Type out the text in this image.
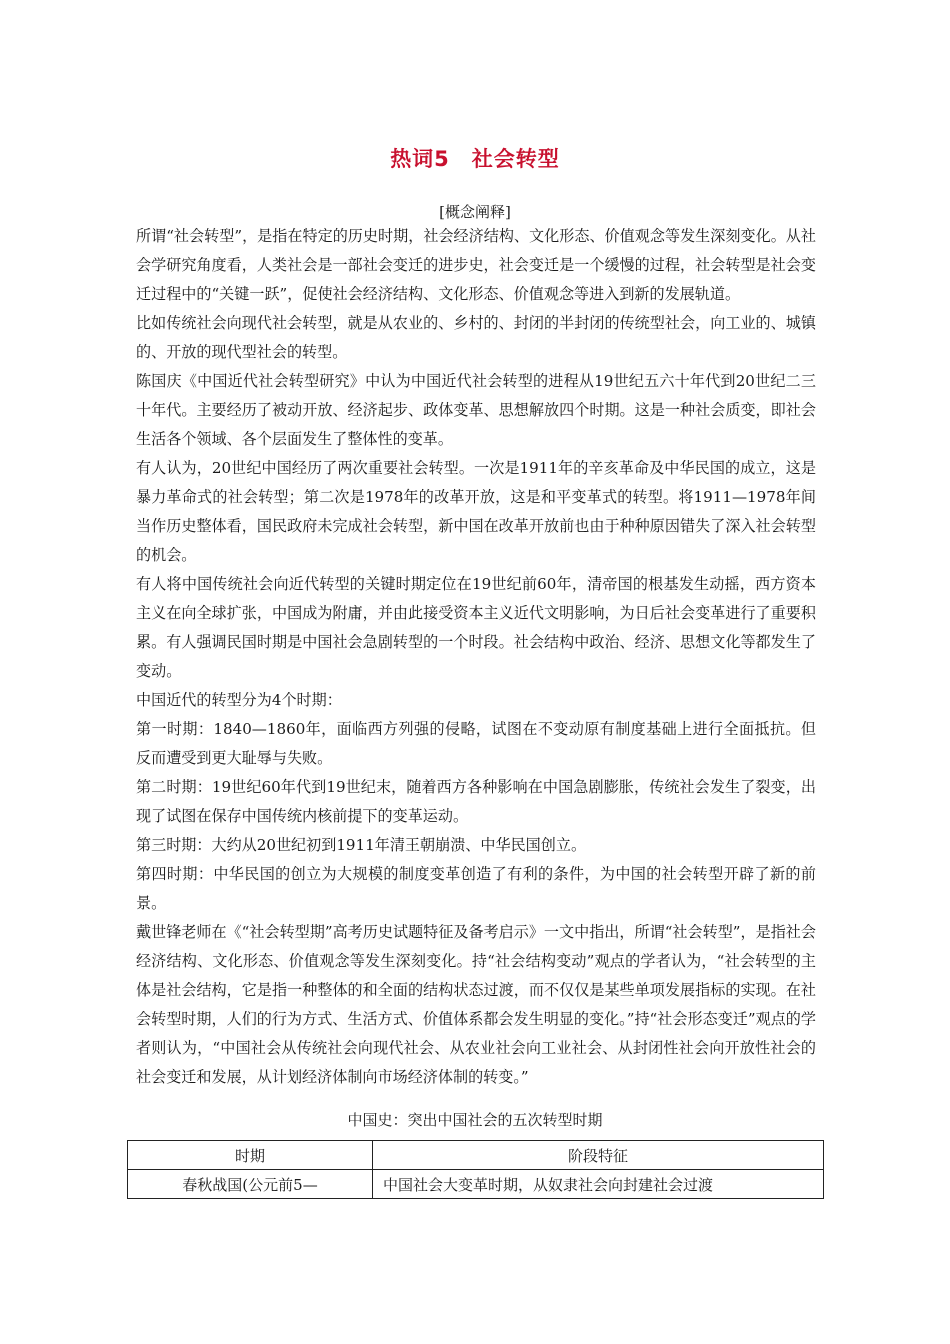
热词5　社会转型
[概念阐释]

所谓“社会转型”，是指在特定的历史时期，社会经济结构、文化形态、价值观念等发生深刻变化。从社会学研究角度看，人类社会是一部社会变迁的进步史，社会变迁是一个缓慢的过程，社会转型是社会变迁过程中的“关键一跃”，促使社会经济结构、文化形态、价值观念等进入到新的发展轨道。

比如传统社会向现代社会转型，就是从农业的、乡村的、封闭的半封闭的传统型社会，向工业的、城镇的、开放的现代型社会的转型。

陈国庆《中国近代社会转型研究》中认为中国近代社会转型的进程从19世纪五六十年代到20世纪二三十年代。主要经历了被动开放、经济起步、政体变革、思想解放四个时期。这是一种社会质变，即社会生活各个领域、各个层面发生了整体性的变革。

有人认为，20世纪中国经历了两次重要社会转型。一次是1911年的辛亥革命及中华民国的成立，这是暴力革命式的社会转型；第二次是1978年的改革开放，这是和平变革式的转型。将1911—1978年间当作历史整体看，国民政府未完成社会转型，新中国在改革开放前也由于种种原因错失了深入社会转型的机会。

有人将中国传统社会向近代转型的关键时期定位在19世纪前60年，清帝国的根基发生动摇，西方资本主义在向全球扩张，中国成为附庸，并由此接受资本主义近代文明影响，为日后社会变革进行了重要积累。有人强调民国时期是中国社会急剧转型的一个时段。社会结构中政治、经济、思想文化等都发生了变动。

中国近代的转型分为4个时期：

第一时期：1840—1860年，面临西方列强的侵略，试图在不变动原有制度基础上进行全面抵抗。但反而遭受到更大耻辱与失败。

第二时期：19世纪60年代到19世纪末，随着西方各种影响在中国急剧膨胀，传统社会发生了裂变，出现了试图在保存中国传统内核前提下的变革运动。

第三时期：大约从20世纪初到1911年清王朝崩溃、中华民国创立。

第四时期：中华民国的创立为大规模的制度变革创造了有利的条件，为中国的社会转型开辟了新的前景。

戴世锋老师在《“社会转型期”高考历史试题特征及备考启示》一文中指出，所谓“社会转型”，是指社会经济结构、文化形态、价值观念等发生深刻变化。持“社会结构变动”观点的学者认为，“社会转型的主体是社会结构，它是指一种整体的和全面的结构状态过渡，而不仅仅是某些单项发展指标的实现。在社会转型时期，人们的行为方式、生活方式、价值体系都会发生明显的变化。”持“社会形态变迁”观点的学者则认为，“中国社会从传统社会向现代社会、从农业社会向工业社会、从封闭性社会向开放性社会的社会变迁和发展，从计划经济体制向市场经济体制的转变。”

中国史：突出中国社会的五次转型时期
时期	阶段特征
春秋战国(公元前5—	中国社会大变革时期，从奴隶社会向封建社会过渡
